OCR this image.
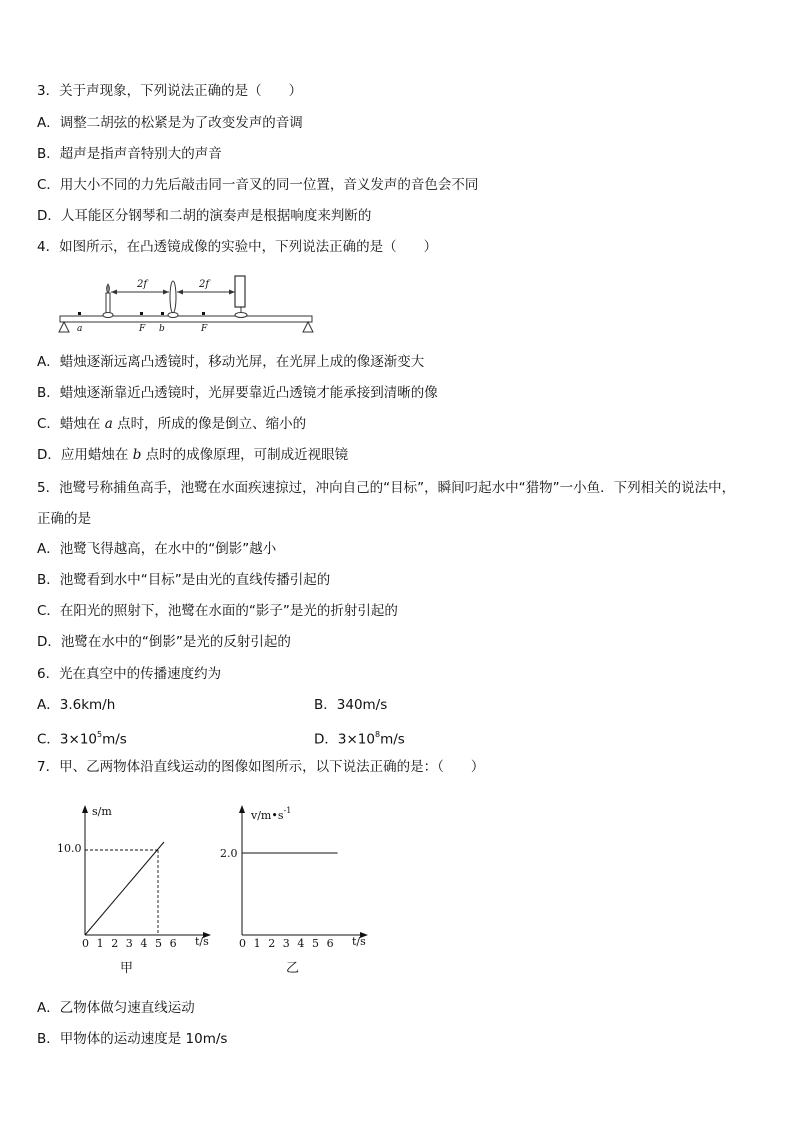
3．关于声现象，下列说法正确的是（　　）
A．调整二胡弦的松紧是为了改变发声的音调
B．超声是指声音特别大的声音
C．用大小不同的力先后敲击同一音叉的同一位置，音义发声的音色会不同
D．人耳能区分钢琴和二胡的演奏声是根据响度来判断的
4．如图所示，在凸透镜成像的实验中，下列说法正确的是（　　）
2f	2f
a	F b	F
A．蜡烛逐渐远离凸透镜时，移动光屏，在光屏上成的像逐渐变大
B．蜡烛逐渐靠近凸透镜时，光屏要靠近凸透镜才能承接到清晰的像
C．蜡烛在 a 点时，所成的像是倒立、缩小的
D．应用蜡烛在 b 点时的成像原理，可制成近视眼镜
5．池鹭号称捕鱼高手，池鹭在水面疾速掠过，冲向自己的“目标”，瞬间叼起水中“猎物”一小鱼．下列相关的说法中，
正确的是
A．池鹭飞得越高，在水中的“倒影”越小
B．池鹭看到水中“目标”是由光的直线传播引起的
C．在阳光的照射下，池鹭在水面的“影子”是光的折射引起的
D．池鹭在水中的“倒影”是光的反射引起的
6．光在真空中的传播速度约为
A．3.6km/h	B．340m/s
C．$3\times 10^5m/s$	D．$3\times 10^8m/s$
7．甲、乙两物体沿直线运动的图像如图所示，以下说法正确的是：（　　）
s/m
t/s
10.0
0 1 2 3 4 5 6
甲
$v/m•s^{-1}$
t/s
2.0
0 1 2 3 4 5 6
乙
A．乙物体做匀速直线运动
B．甲物体的运动速度是 10m/s
